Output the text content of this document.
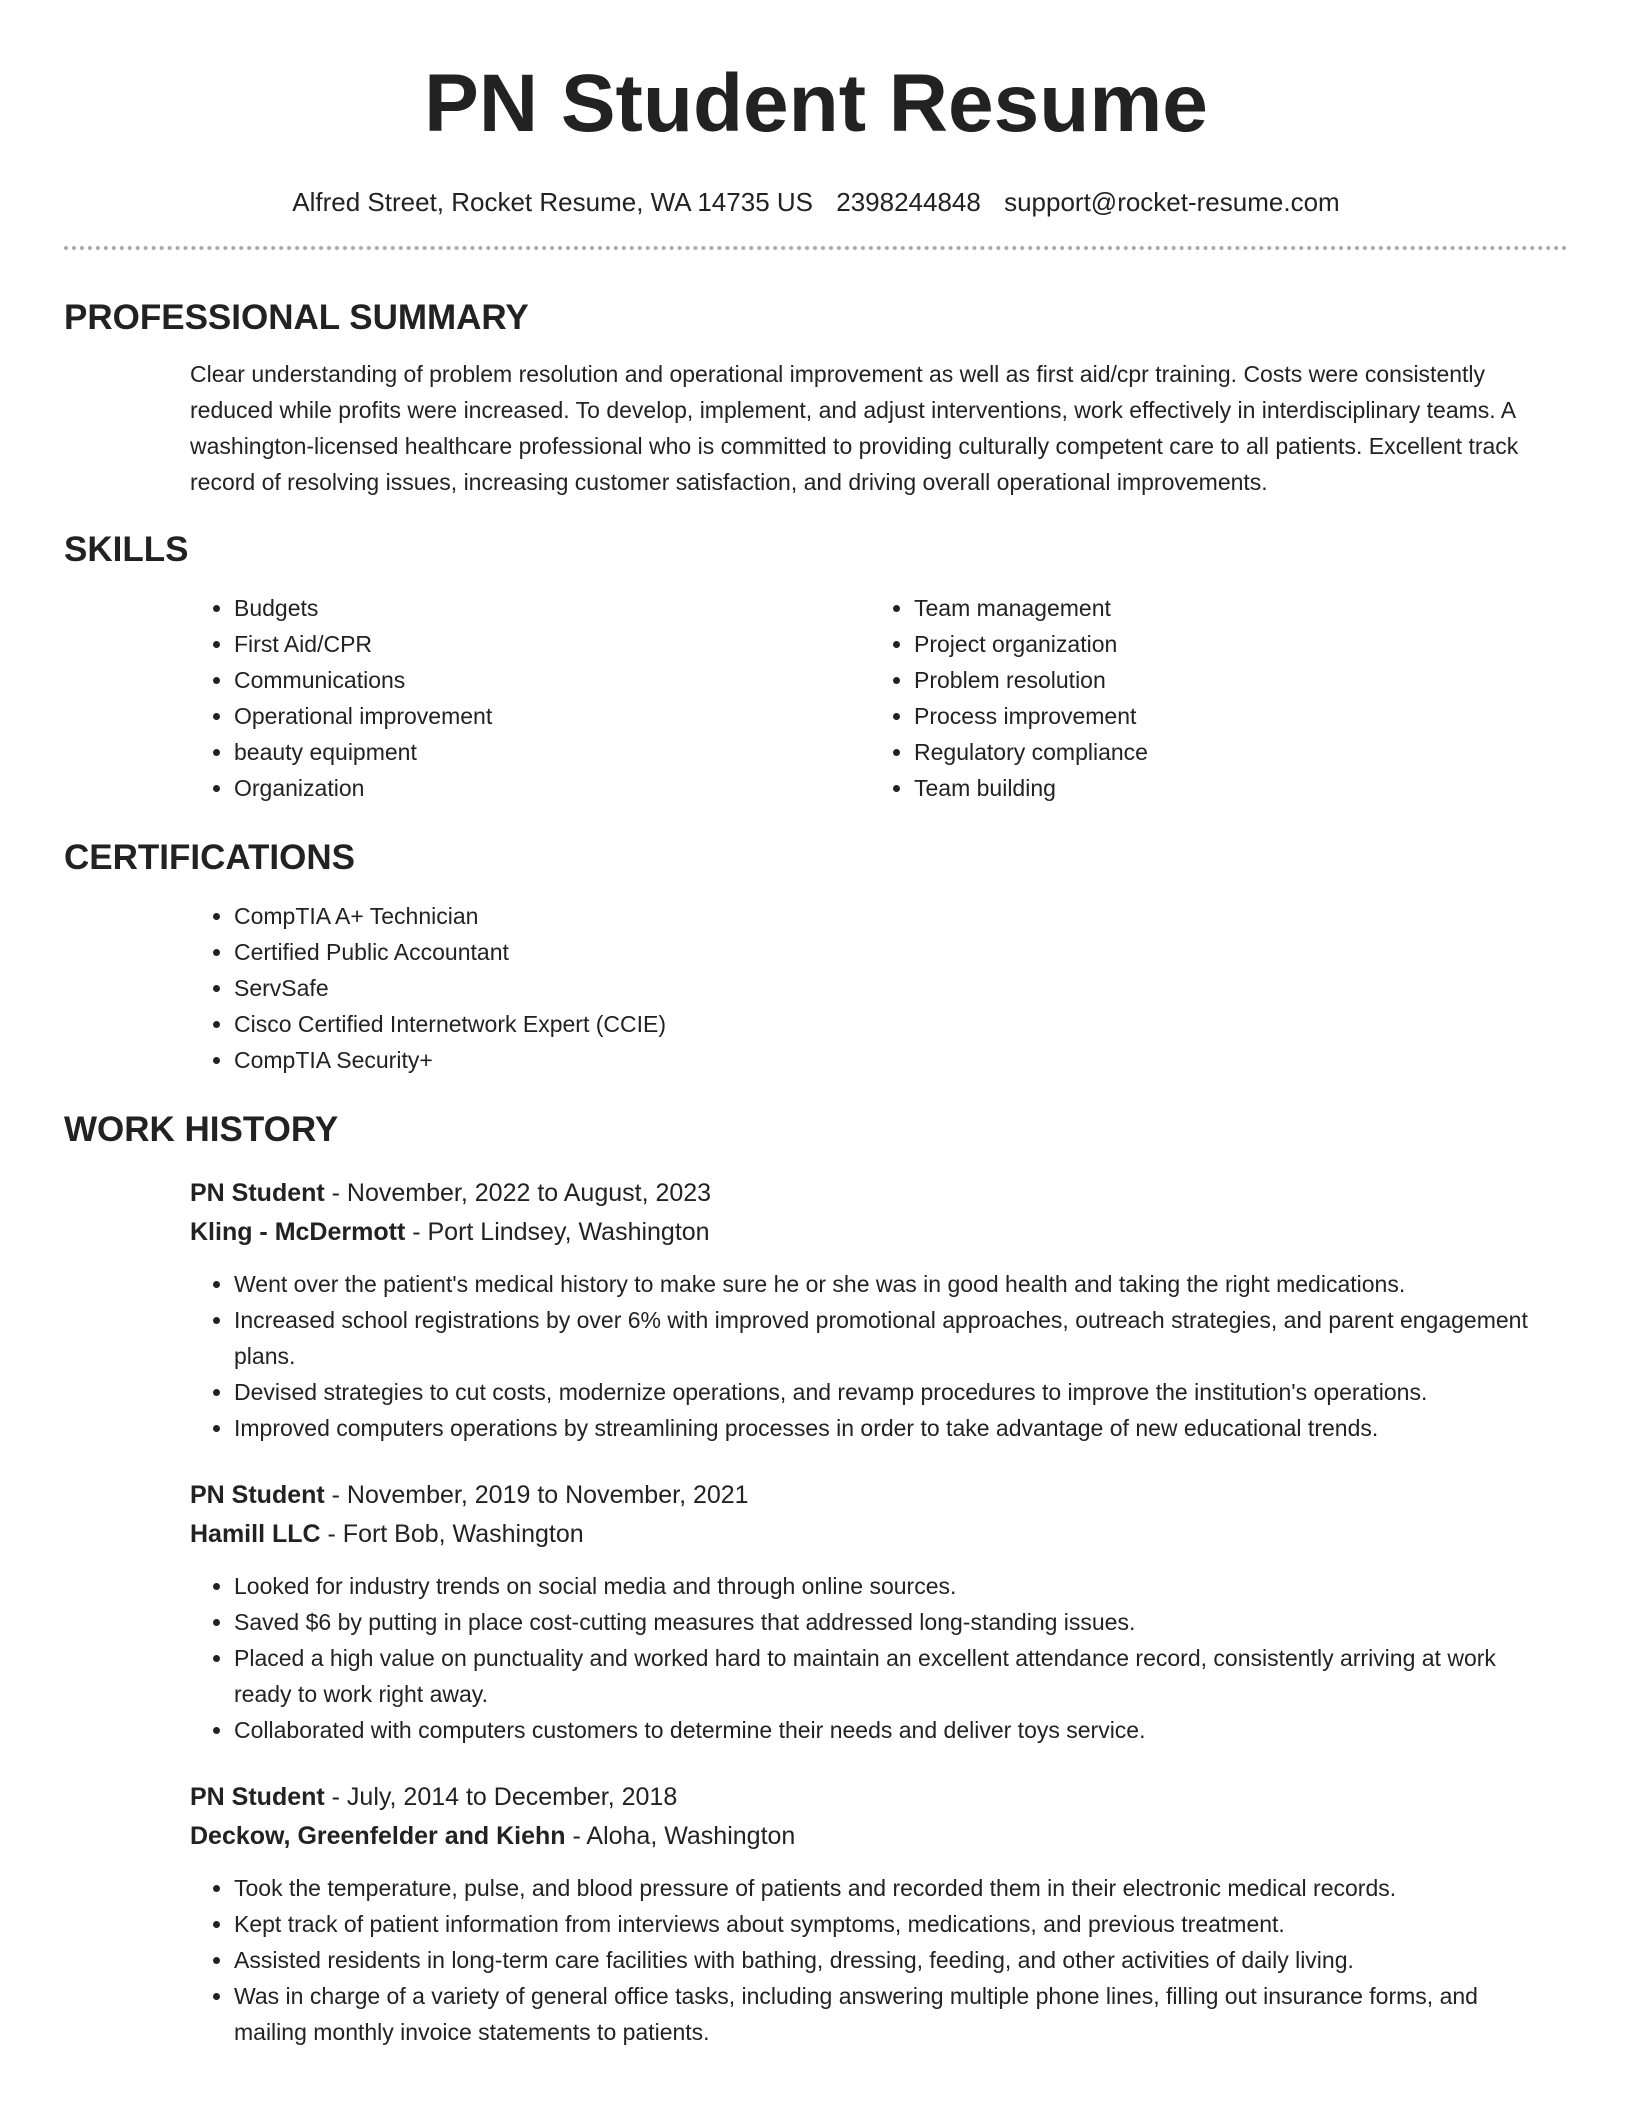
PN Student Resume
Alfred Street, Rocket Resume, WA 14735 US 2398244848 support@rocket-resume.com
PROFESSIONAL SUMMARY

Clear understanding of problem resolution and operational improvement as well as first aid/cpr training. Costs were consistently reduced while profits were increased. To develop, implement, and adjust interventions, work effectively in interdisciplinary teams. A washington-licensed healthcare professional who is committed to providing culturally competent care to all patients. Excellent track record of resolving issues, increasing customer satisfaction, and driving overall operational improvements.

SKILLS
• Budgets
• First Aid/CPR
• Communications
• Operational improvement
• beauty equipment
• Organization
• Team management
• Project organization
• Problem resolution
• Process improvement
• Regulatory compliance
• Team building
CERTIFICATIONS
• CompTIA A+ Technician
• Certified Public Accountant
• ServSafe
• Cisco Certified Internetwork Expert (CCIE)
• CompTIA Security+
WORK HISTORY
PN Student - November, 2022 to August, 2023
Kling - McDermott - Port Lindsey, Washington
• Went over the patient's medical history to make sure he or she was in good health and taking the right medications.
• Increased school registrations by over 6% with improved promotional approaches, outreach strategies, and parent engagement plans.
• Devised strategies to cut costs, modernize operations, and revamp procedures to improve the institution's operations.
• Improved computers operations by streamlining processes in order to take advantage of new educational trends.
PN Student - November, 2019 to November, 2021
Hamill LLC - Fort Bob, Washington
• Looked for industry trends on social media and through online sources.
• Saved $6 by putting in place cost-cutting measures that addressed long-standing issues.
• Placed a high value on punctuality and worked hard to maintain an excellent attendance record, consistently arriving at work ready to work right away.
• Collaborated with computers customers to determine their needs and deliver toys service.
PN Student - July, 2014 to December, 2018
Deckow, Greenfelder and Kiehn - Aloha, Washington
• Took the temperature, pulse, and blood pressure of patients and recorded them in their electronic medical records.
• Kept track of patient information from interviews about symptoms, medications, and previous treatment.
• Assisted residents in long-term care facilities with bathing, dressing, feeding, and other activities of daily living.
• Was in charge of a variety of general office tasks, including answering multiple phone lines, filling out insurance forms, and mailing monthly invoice statements to patients.
